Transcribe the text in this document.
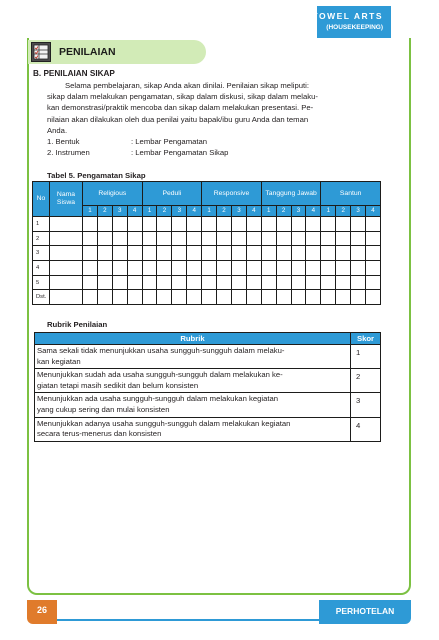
TOWEL ARTS
(HOUSEKEEPING)
PENILAIAN
B. PENILAIAN SIKAP
Selama pembelajaran, sikap Anda akan dinilai. Penilaian sikap meliputi:
sikap dalam melakukan pengamatan, sikap dalam diskusi, sikap dalam melaku-
kan demonstrasi/praktik mencoba dan sikap dalam melakukan presentasi. Pe-
nilaian akan dilakukan oleh dua penilai yaitu bapak/ibu guru Anda dan teman
Anda.
1. Bentuk	: Lembar Pengamatan
2. Instrumen	: Lembar Pengamatan Sikap
Tabel 5. Pengamatan Sikap
No	Nama Siswa	Religious				Peduli				Responsive				Tanggung Jawab				Santun			
		1	2	3	4	1	2	3	4	1	2	3	4	1	2	3	4	1	2	3	4
1																					
2																					
3																					
4																					
5																					
Dst.																					
Rubrik Penilaian
Rubrik	Skor

Sama sekali tidak menunjukkan usaha sungguh-sungguh dalam melaku-
kan kegiatan	1

Menunjukkan sudah ada usaha sungguh-sungguh dalam melakukan ke-
giatan tetapi masih sedikit dan belum konsisten	2

Menunjukkan ada usaha sungguh-sungguh dalam melakukan kegiatan
yang cukup sering dan mulai konsisten	3

Menunjukkan adanya usaha sungguh-sungguh dalam melakukan kegiatan
secara terus-menerus dan konsisten	4
26	PERHOTELAN
